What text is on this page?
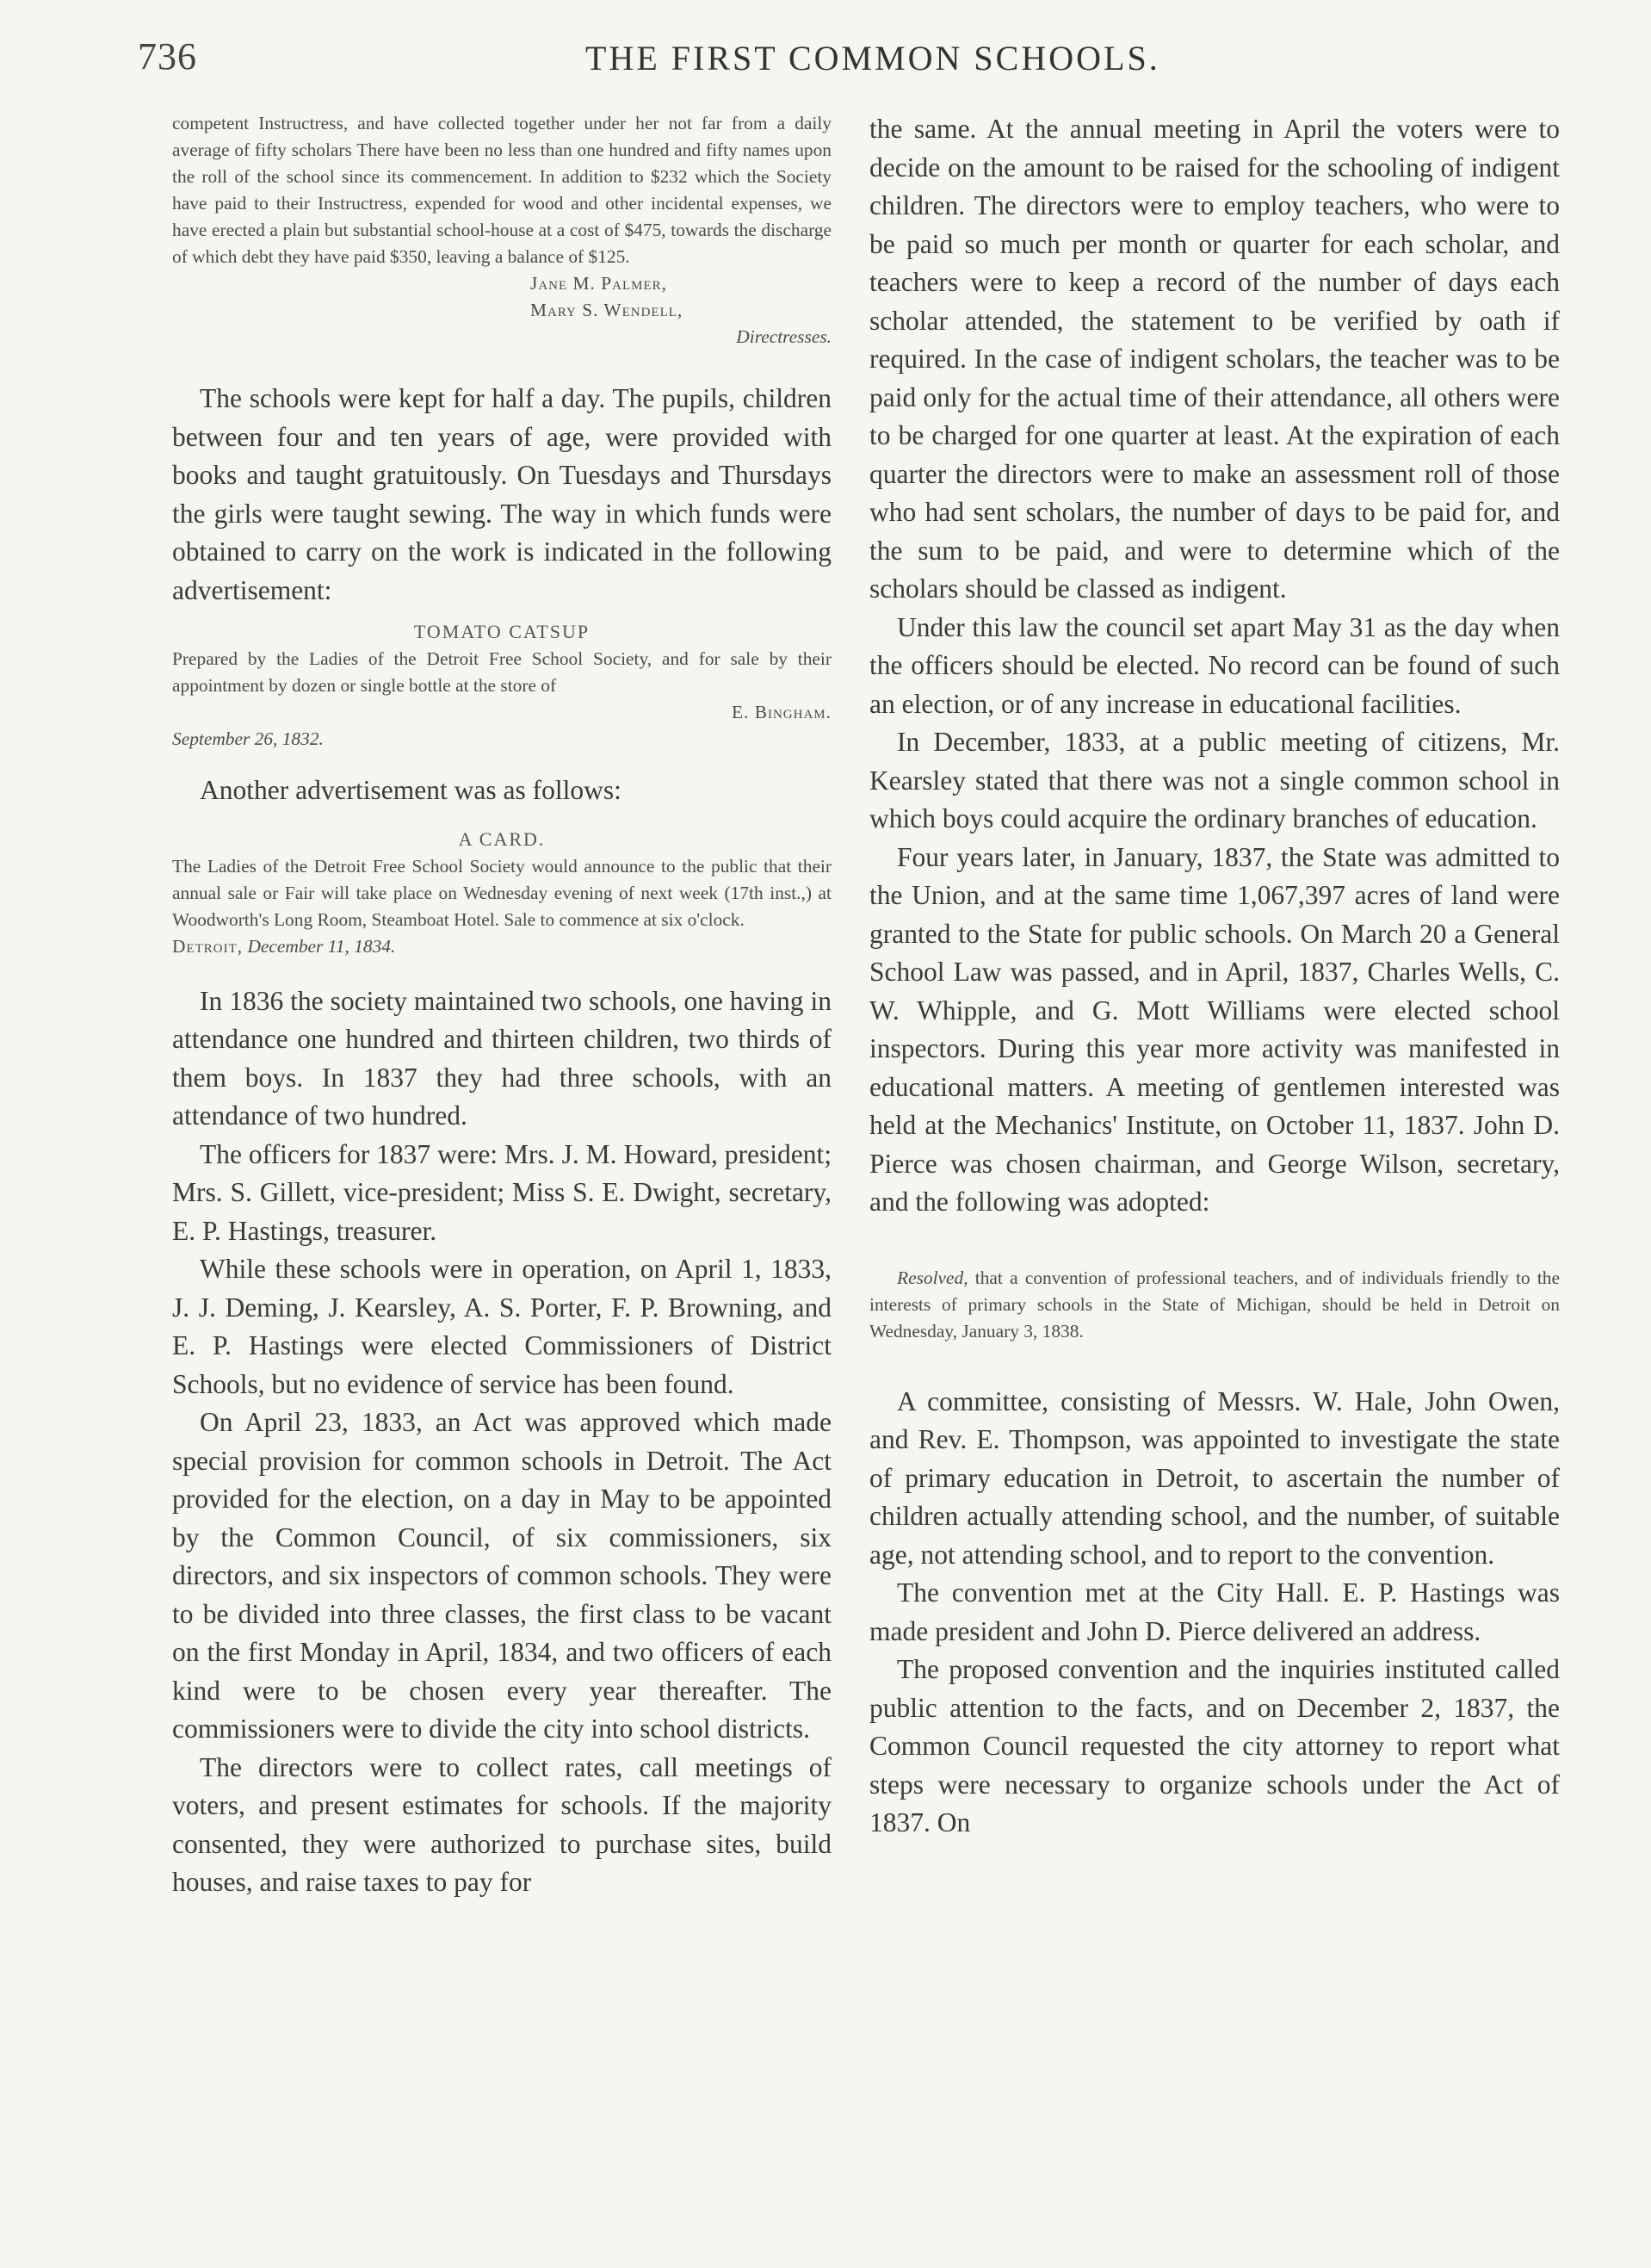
736	THE FIRST COMMON SCHOOLS.

competent Instructress, and have collected together under her not far from a daily average of fifty scholars There have been no less than one hundred and fifty names upon the roll of the school since its commencement. In addition to $232 which the Society have paid to their Instructress, expended for wood and other incidental expenses, we have erected a plain but substantial school-house at a cost of $475, towards the discharge of which debt they have paid $350, leaving a balance of $125.

Jane M. Palmer,
Mary S. Wendell,
Directresses.

The schools were kept for half a day. The pupils, children between four and ten years of age, were provided with books and taught gratuitously. On Tuesdays and Thursdays the girls were taught sewing. The way in which funds were obtained to carry on the work is indicated in the following advertisement:

TOMATO CATSUP

Prepared by the Ladies of the Detroit Free School Society, and for sale by their appointment by dozen or single bottle at the store of

E. Bingham.
September 26, 1832.

Another advertisement was as follows:

A CARD.

The Ladies of the Detroit Free School Society would announce to the public that their annual sale or Fair will take place on Wednesday evening of next week (17th inst.,) at Woodworth's Long Room, Steamboat Hotel. Sale to commence at six o'clock.

Detroit, December 11, 1834.

In 1836 the society maintained two schools, one having in attendance one hundred and thirteen children, two thirds of them boys. In 1837 they had three schools, with an attendance of two hundred.

The officers for 1837 were: Mrs. J. M. Howard, president; Mrs. S. Gillett, vice-president; Miss S. E. Dwight, secretary, E. P. Hastings, treasurer.

While these schools were in operation, on April 1, 1833, J. J. Deming, J. Kearsley, A. S. Porter, F. P. Browning, and E. P. Hastings were elected Commissioners of District Schools, but no evidence of service has been found.

On April 23, 1833, an Act was approved which made special provision for common schools in Detroit. The Act provided for the election, on a day in May to be appointed by the Common Council, of six commissioners, six directors, and six inspectors of common schools. They were to be divided into three classes, the first class to be vacant on the first Monday in April, 1834, and two officers of each kind were to be chosen every year thereafter. The commissioners were to divide the city into school districts.

The directors were to collect rates, call meetings of voters, and present estimates for schools. If the majority consented, they were authorized to purchase sites, build houses, and raise taxes to pay for

the same. At the annual meeting in April the voters were to decide on the amount to be raised for the schooling of indigent children. The directors were to employ teachers, who were to be paid so much per month or quarter for each scholar, and teachers were to keep a record of the number of days each scholar attended, the statement to be verified by oath if required. In the case of indigent scholars, the teacher was to be paid only for the actual time of their attendance, all others were to be charged for one quarter at least. At the expiration of each quarter the directors were to make an assessment roll of those who had sent scholars, the number of days to be paid for, and the sum to be paid, and were to determine which of the scholars should be classed as indigent.

Under this law the council set apart May 31 as the day when the officers should be elected. No record can be found of such an election, or of any increase in educational facilities.

In December, 1833, at a public meeting of citizens, Mr. Kearsley stated that there was not a single common school in which boys could acquire the ordinary branches of education.

Four years later, in January, 1837, the State was admitted to the Union, and at the same time 1,067,397 acres of land were granted to the State for public schools. On March 20 a General School Law was passed, and in April, 1837, Charles Wells, C. W. Whipple, and G. Mott Williams were elected school inspectors. During this year more activity was manifested in educational matters. A meeting of gentlemen interested was held at the Mechanics' Institute, on October 11, 1837. John D. Pierce was chosen chairman, and George Wilson, secretary, and the following was adopted:

Resolved, that a convention of professional teachers, and of individuals friendly to the interests of primary schools in the State of Michigan, should be held in Detroit on Wednesday, January 3, 1838.

A committee, consisting of Messrs. W. Hale, John Owen, and Rev. E. Thompson, was appointed to investigate the state of primary education in Detroit, to ascertain the number of children actually attending school, and the number, of suitable age, not attending school, and to report to the convention.

The convention met at the City Hall. E. P. Hastings was made president and John D. Pierce delivered an address.

The proposed convention and the inquiries instituted called public attention to the facts, and on December 2, 1837, the Common Council requested the city attorney to report what steps were necessary to organize schools under the Act of 1837. On
